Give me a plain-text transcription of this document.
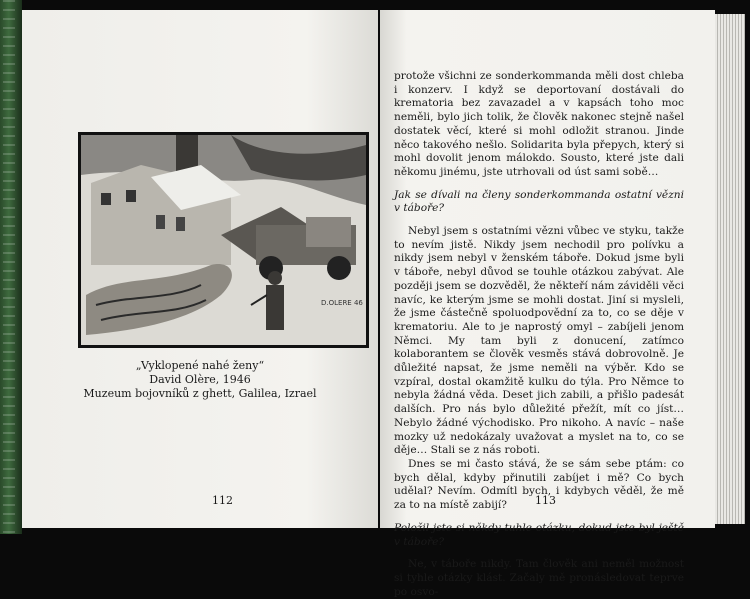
D.OLERE 46
„Vyklopené nahé ženy“
David Olère, 1946
Muzeum bojovníků z ghett, Galilea, Izrael
112

protože všichni ze sonderkommanda měli dost chleba i konzerv. I když se deportovaní dostávali do krematoria bez zavazadel a v kapsách toho moc neměli, bylo jich tolik, že člověk nakonec stejně našel dostatek věcí, které si mohl odložit stranou. Jinde něco takového nešlo. Solidarita byla přepych, který si mohl dovolit jenom málokdo. Sousto, které jste dali někomu jinému, jste utrhovali od úst sami sobě…

Jak se dívali na členy sonderkommanda ostatní vězni v táboře?

Nebyl jsem s ostatními vězni vůbec ve styku, takže to nevím jistě. Nikdy jsem nechodil pro polívku a nikdy jsem nebyl v ženském táboře. Dokud jsme byli v táboře, nebyl důvod se touhle otázkou zabývat. Ale později jsem se dozvěděl, že někteří nám záviděli věci navíc, ke kterým jsme se mohli dostat. Jiní si mysleli, že jsme částečně spoluodpovědní za to, co se děje v krematoriu. Ale to je naprostý omyl – zabíjeli jenom Němci. My tam byli z donucení, zatímco kolaborantem se člověk vesměs stává dobrovolně. Je důležité napsat, že jsme neměli na výběr. Kdo se vzpíral, dostal okamžitě kulku do týla. Pro Němce to nebyla žádná věda. Deset jich zabili, a přišlo padesát dalších. Pro nás bylo důležité přežít, mít co jíst… Nebylo žádné východisko. Pro nikoho. A navíc – naše mozky už nedokázaly uvažovat a myslet na to, co se děje… Stali se z nás roboti.

Dnes se mi často stává, že se sám sebe ptám: co bych dělal, kdyby přinutili zabíjet i mě? Co bych udělal? Nevím. Odmítl bych, i kdybych věděl, že mě za to na místě zabijí?

Položil jste si někdy tuhle otázku, dokud jste byl ještě v táboře?

Ne, v táboře nikdy. Tam člověk ani neměl možnost si tyhle otázky klást. Začaly mě pronásledovat teprve po osvo-

113
